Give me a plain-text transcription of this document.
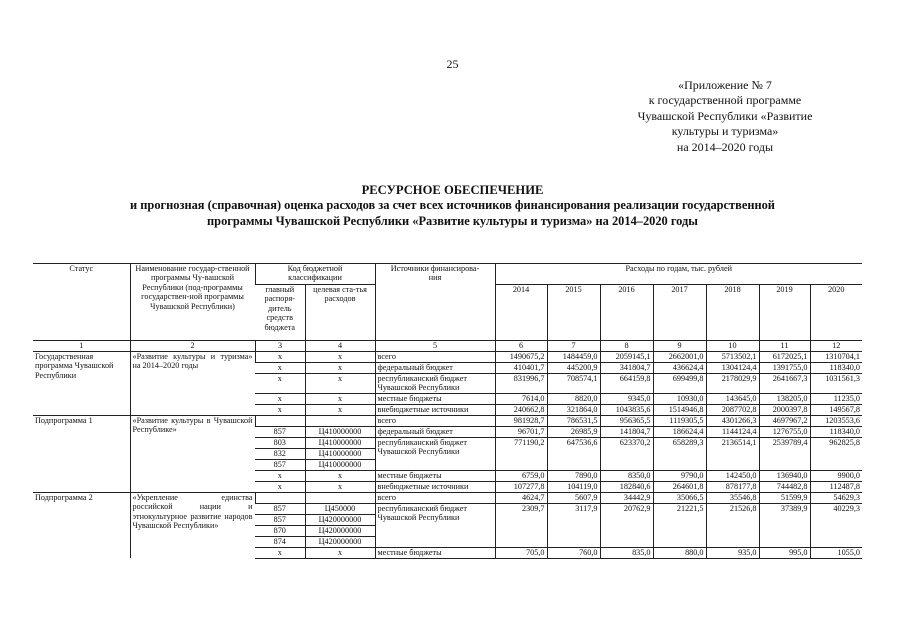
25
«Приложение № 7
к государственной программе
Чувашской Республики «Развитие
культуры и туризма»
на 2014–2020 годы
РЕСУРСНОЕ ОБЕСПЕЧЕНИЕ
и прогнозная (справочная) оценка расходов за счет всех источников финансирования реализации государственной
программы Чувашской Республики «Развитие культуры и туризма» на 2014–2020 годы
Статус	Наименование государ-ственной программы Чу-вашской Республики (под-программы государствен-ной программы Чувашской Республики)	Код бюджетной классификации		Источники финансирова-ния	Расходы по годам, тыс. рублей						
		главный распоря-дитель средств бюджета	целевая ста-тья расходов		2014	2015	2016	2017	2018	2019	2020
1	2	3	4	5	6	7	8	9	10	11	12
Государственная программа Чувашской Республики	«Развитие культуры и туризма» на 2014–2020 годы	x	x	всего	1490675,2	1484459,0	2059145,1	2662001,0	5713502,1	6172025,1	1310704,1
		x	x	федеральный бюджет	410401,7	445200,9	341804,7	436624,4	1304124,4	1391755,0	118340,0
		x	x	республиканский бюджет Чувашской Республики	831996,7	708574,1	664159,8	699499,8	2178029,9	2641667,3	1031561,3
		x	x	местные бюджеты	7614,0	8820,0	9345,0	10930,0	143645,0	138205,0	11235,0
		x	x	внебюджетные источники	240662,8	321864,0	1043835,6	1514946,8	2087702,8	2000397,8	149567,8
Подпрограмма 1	«Развитие культуры в Чувашской Республике»			всего	981928,7	786531,5	956365,5	1119305,5	4301266,3	4697967,2	1203553,6
		857	Ц410000000	федеральный бюджет	96701,7	26985,9	141804,7	186624,4	1144124,4	1276755,0	118340,0
		803	Ц410000000	республиканский бюджет Чувашской Республики	771190,2	647536,6	623370,2	658289,3	2136514,1	2539789,4	962825,8
		832	Ц410000000								
		857	Ц410000000								
		x	x	местные бюджеты	6759,0	7890,0	8350,0	9790,0	142450,0	136940,0	9900,0
		x	x	внебюджетные источники	107277,8	104119,0	182840,6	264601,8	878177,8	744482,8	112487,8
Подпрограмма 2	«Укрепление единства российской нации и этнокультурное развитие народов Чувашской Республики»			всего	4624,7	5607,9	34442,9	35066,5	35546,8	51599,9	54629,3
		857	Ц450000	республиканский бюджет Чувашской Республики	2309,7	3117,9	20762,9	21221,5	21526,8	37389,9	40229,3
		857	Ц420000000								
		870	Ц420000000								
		874	Ц420000000								
		x	x	местные бюджеты	705,0	760,0	835,0	880,0	935,0	995,0	1055,0
